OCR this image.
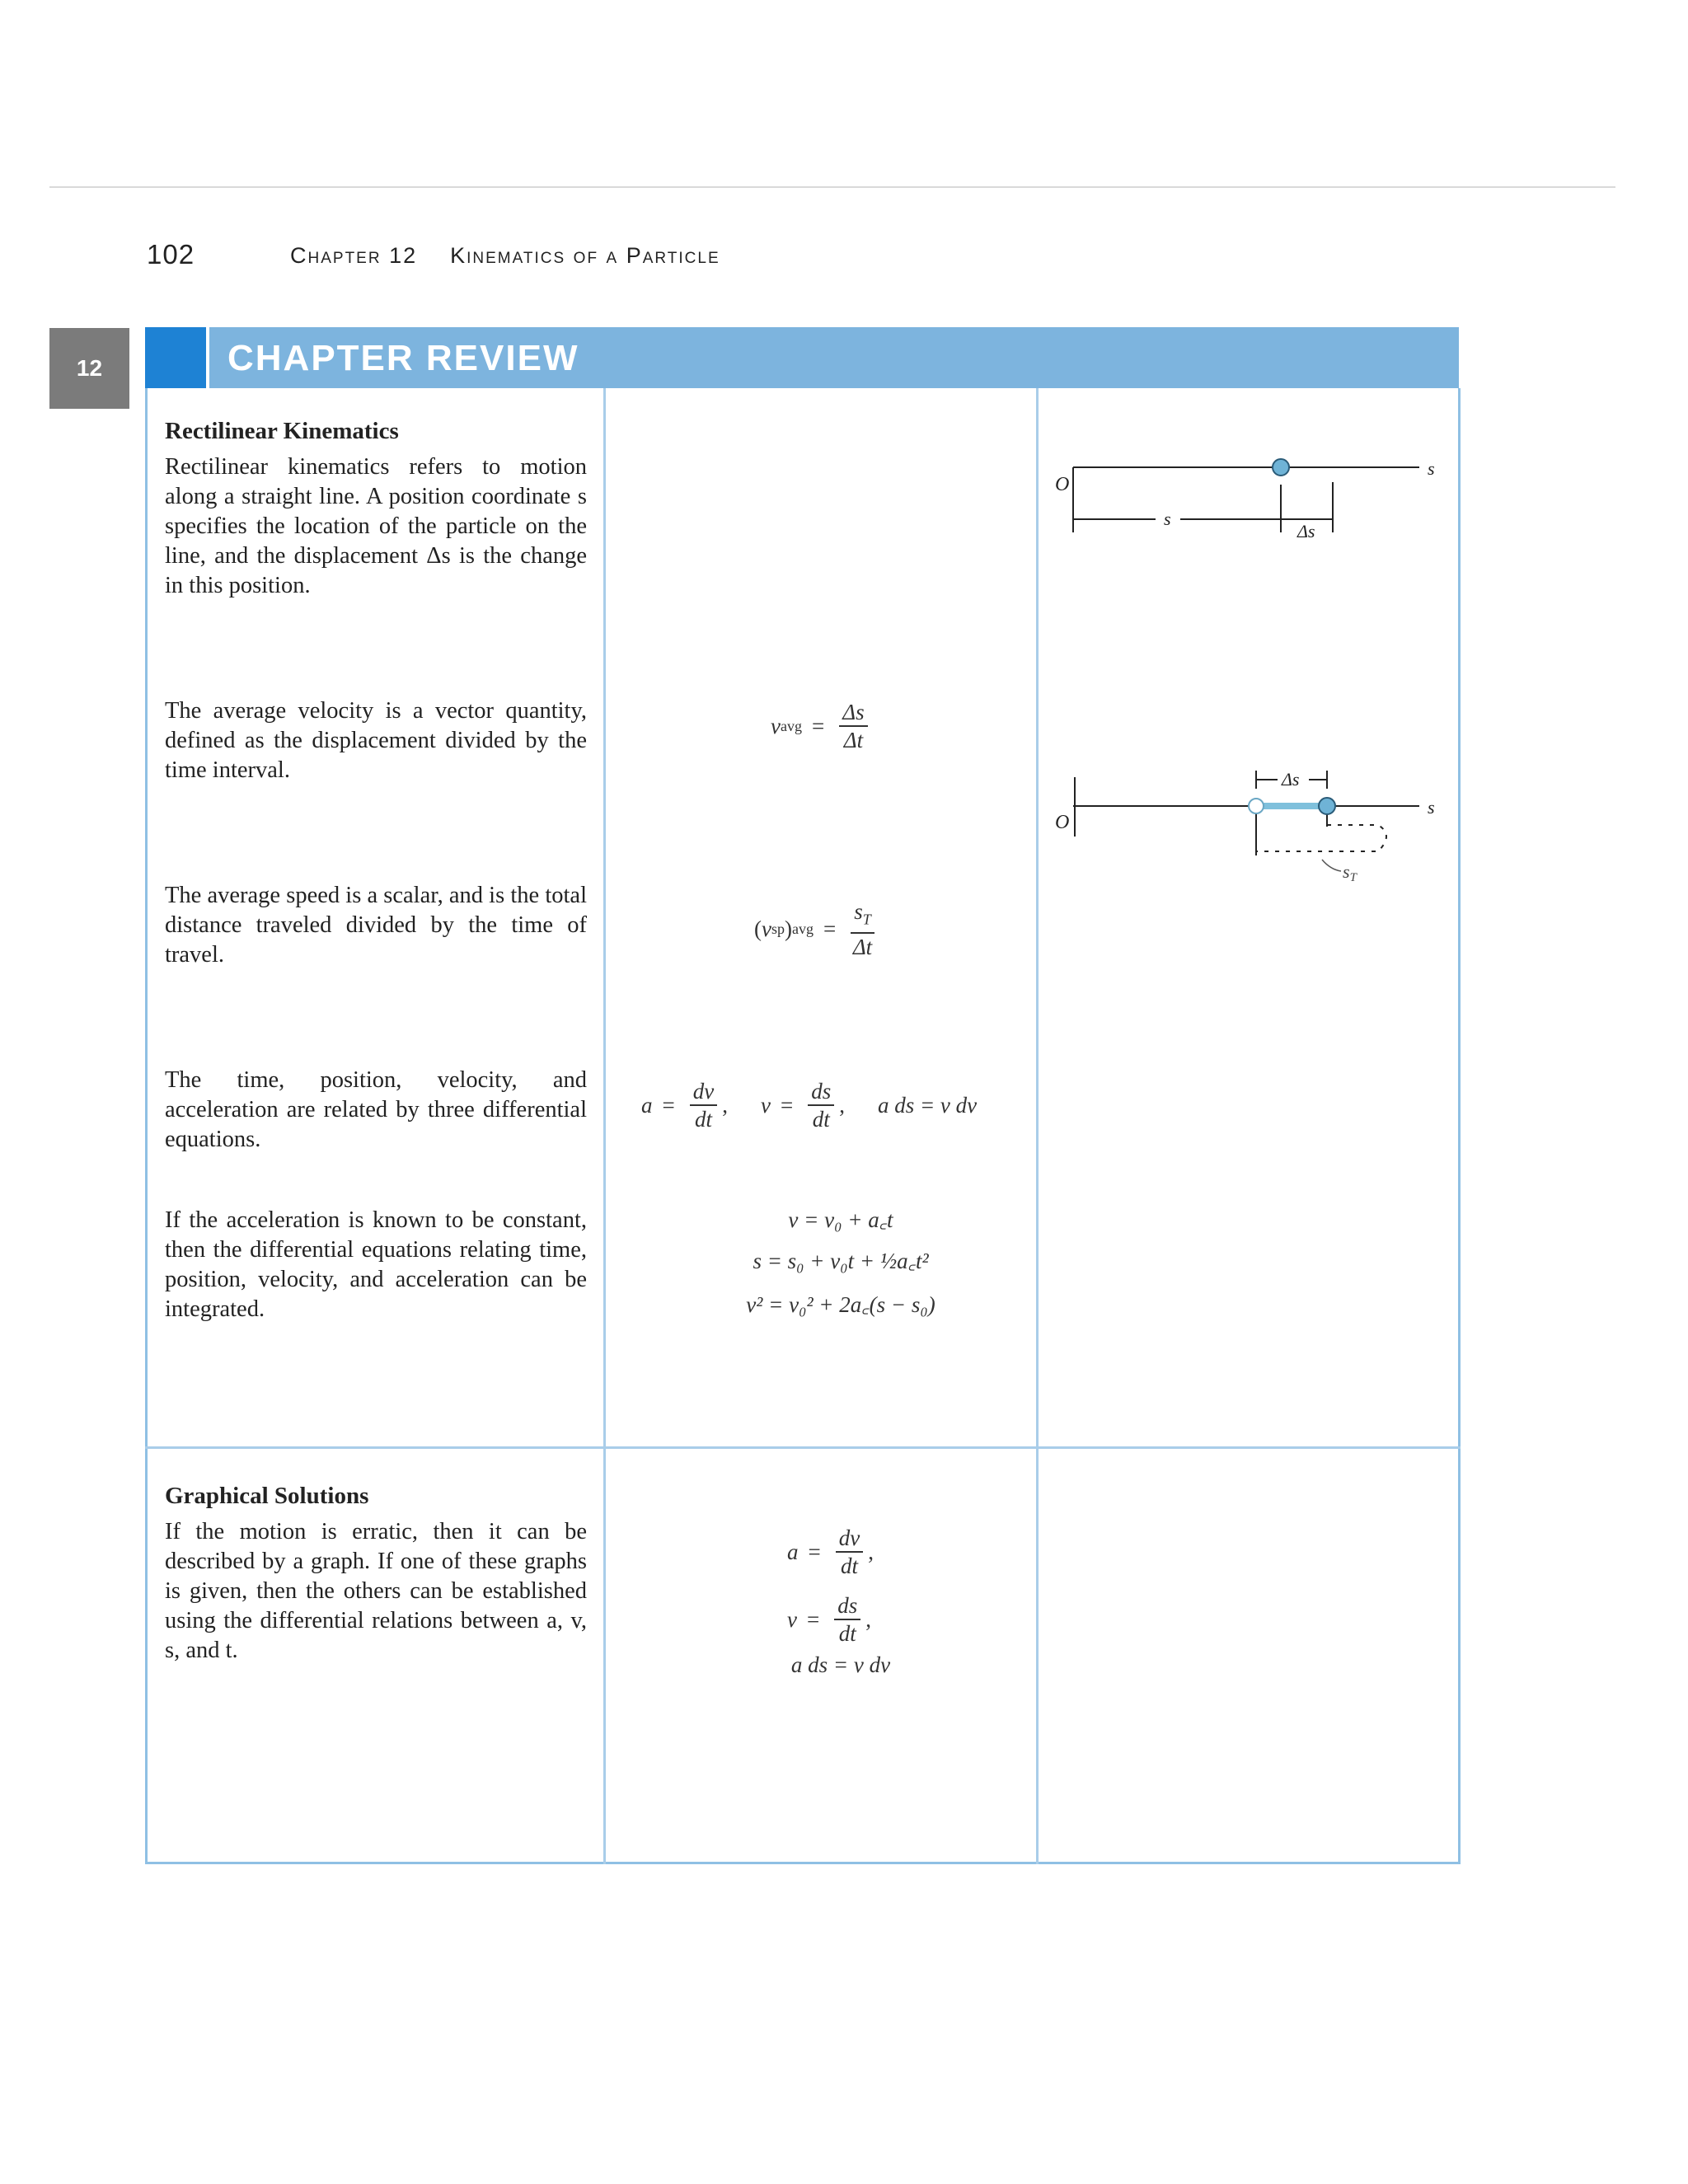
102	Chapter 12 Kinematics of a Particle
12	CHAPTER REVIEW
Rectilinear Kinematics

Rectilinear kinematics refers to motion along a straight line. A position coordinate s specifies the location of the particle on the line, and the displacement Δs is the change in this position.

The average velocity is a vector quantity, defined as the displacement divided by the time interval.

The average speed is a scalar, and is the total distance traveled divided by the time of travel.

The time, position, velocity, and acceleration are related by three differential equations.

If the acceleration is known to be constant, then the differential equations relating time, position, velocity, and acceleration can be integrated.

Graphical Solutions

If the motion is erratic, then it can be described by a graph. If one of these graphs is given, then the others can be established using the differential relations between a, v, s, and t.

v avg = $\frac{\Delta s}{\Delta t}$
( v sp ) avg = $\frac{s_T}{\Delta t}$
$a = \frac{dv}{dt}$ , $v = \frac{ds}{dt}$ , a ds = v dv
v = v₀ + a꜀t
s = s₀ + v₀t + ½a꜀t²
v² = v₀² + 2a꜀(s − s₀)
$a = \frac{dv}{dt}$ ,
$v = \frac{ds}{dt}$ ,
a ds = v dv
O
s
s
Δs
O
s
Δs
sT
